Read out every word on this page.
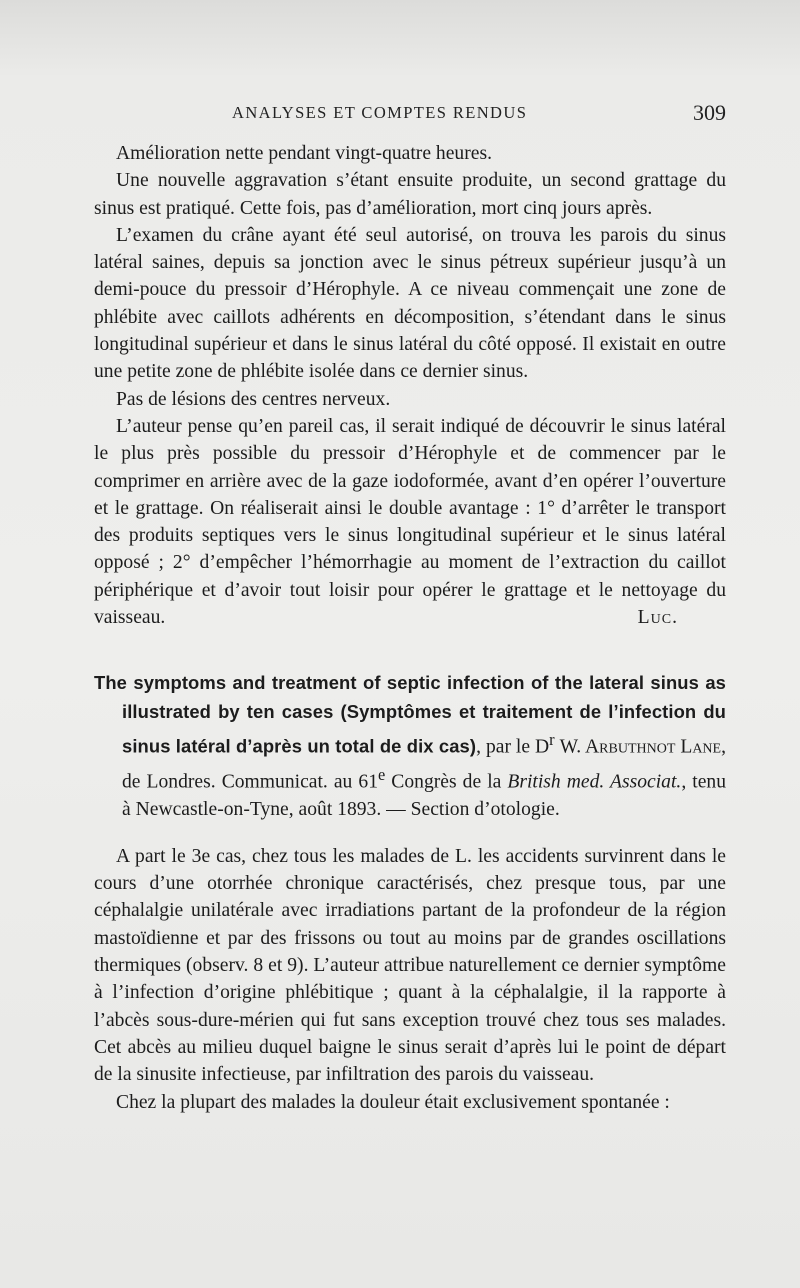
ANALYSES ET COMPTES RENDUS	309

Amélioration nette pendant vingt-quatre heures.

Une nouvelle aggravation s’étant ensuite produite, un second grattage du sinus est pratiqué. Cette fois, pas d’amélioration, mort cinq jours après.

L’examen du crâne ayant été seul autorisé, on trouva les parois du sinus latéral saines, depuis sa jonction avec le sinus pétreux supérieur jusqu’à un demi-pouce du pressoir d’Hérophyle. A ce niveau commençait une zone de phlébite avec caillots adhérents en décomposition, s’étendant dans le sinus longitudinal supérieur et dans le sinus latéral du côté opposé. Il existait en outre une petite zone de phlébite isolée dans ce dernier sinus.

Pas de lésions des centres nerveux.

L’auteur pense qu’en pareil cas, il serait indiqué de découvrir le sinus latéral le plus près possible du pressoir d’Hérophyle et de commencer par le comprimer en arrière avec de la gaze iodoformée, avant d’en opérer l’ouverture et le grattage. On réaliserait ainsi le double avantage : 1° d’arrêter le transport des produits septiques vers le sinus longitudinal supérieur et le sinus latéral opposé ; 2° d’empêcher l’hémorrhagie au moment de l’extraction du caillot périphérique et d’avoir tout loisir pour opérer le grattage et le nettoyage du vaisseau.	Luc.

The symptoms and treatment of septic infection of the lateral sinus as illustrated by ten cases (Symptômes et traitement de l’infection du sinus latéral d’après un total de dix cas), par le $D^r$ W. Arbuthnot Lane, de Londres. Communicat. au 61e Congrès de la British med. Associat., tenu à Newcastle-on-Tyne, août 1893. — Section d’otologie.

A part le 3e cas, chez tous les malades de L. les accidents survinrent dans le cours d’une otorrhée chronique caractérisés, chez presque tous, par une céphalalgie unilatérale avec irradiations partant de la profondeur de la région mastoïdienne et par des frissons ou tout au moins par de grandes oscillations thermiques (observ. 8 et 9). L’auteur attribue naturellement ce dernier symptôme à l’infection d’origine phlébitique ; quant à la céphalalgie, il la rapporte à l’abcès sous-dure-mérien qui fut sans exception trouvé chez tous ses malades. Cet abcès au milieu duquel baigne le sinus serait d’après lui le point de départ de la sinusite infectieuse, par infiltration des parois du vaisseau.

Chez la plupart des malades la douleur était exclusivement spontanée :
